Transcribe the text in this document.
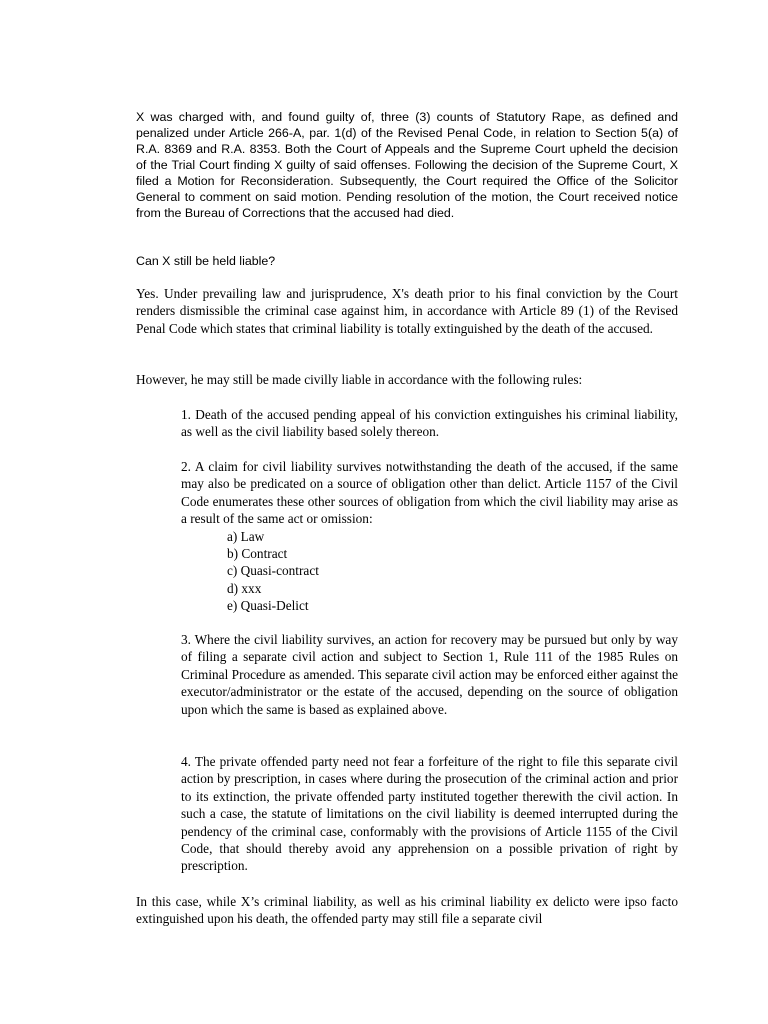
X was charged with, and found guilty of, three (3) counts of Statutory Rape, as defined and penalized under Article 266-A, par. 1(d) of the Revised Penal Code, in relation to Section 5(a) of R.A. 8369 and R.A. 8353. Both the Court of Appeals and the Supreme Court upheld the decision of the Trial Court finding X guilty of said offenses. Following the decision of the Supreme Court, X filed a Motion for Reconsideration. Subsequently, the Court required the Office of the Solicitor General to comment on said motion. Pending resolution of the motion, the Court received notice from the Bureau of Corrections that the accused had died.

Can X still be held liable?

Yes. Under prevailing law and jurisprudence, X's death prior to his final conviction by the Court renders dismissible the criminal case against him, in accordance with Article 89 (1) of the Revised Penal Code which states that criminal liability is totally extinguished by the death of the accused.

However, he may still be made civilly liable in accordance with the following rules:

1. Death of the accused pending appeal of his conviction extinguishes his criminal liability, as well as the civil liability based solely thereon.

2. A claim for civil liability survives notwithstanding the death of the accused, if the same may also be predicated on a source of obligation other than delict. Article 1157 of the Civil Code enumerates these other sources of obligation from which the civil liability may arise as a result of the same act or omission:

a) Law
b) Contract
c) Quasi-contract
d) xxx
e) Quasi-Delict

3. Where the civil liability survives, an action for recovery may be pursued but only by way of filing a separate civil action and subject to Section 1, Rule 111 of the 1985 Rules on Criminal Procedure as amended. This separate civil action may be enforced either against the executor/administrator or the estate of the accused, depending on the source of obligation upon which the same is based as explained above.

4. The private offended party need not fear a forfeiture of the right to file this separate civil action by prescription, in cases where during the prosecution of the criminal action and prior to its extinction, the private offended party instituted together therewith the civil action. In such a case, the statute of limitations on the civil liability is deemed interrupted during the pendency of the criminal case, conformably with the provisions of Article 1155 of the Civil Code, that should thereby avoid any apprehension on a possible privation of right by prescription.

In this case, while X’s criminal liability, as well as his criminal liability ex delicto were ipso facto extinguished upon his death, the offended party may still file a separate civil
